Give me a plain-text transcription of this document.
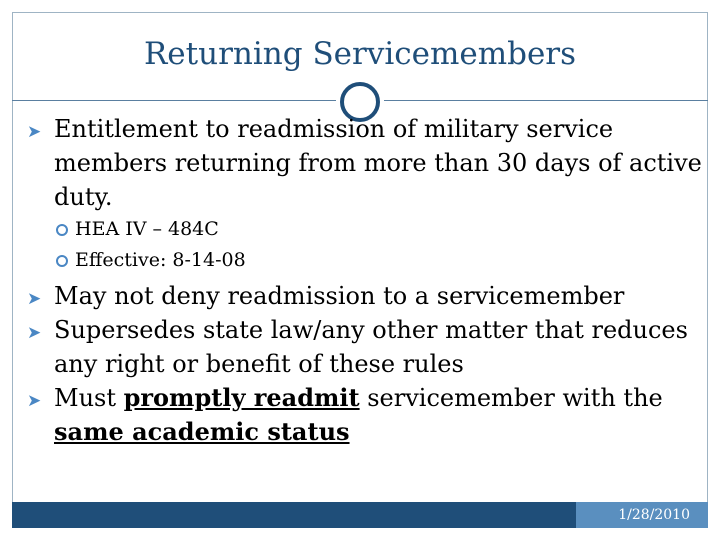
Returning Servicemembers
➤ Entitlement to readmission of military service members returning from more than 30 days of active duty.
HEA IV – 484C
Effective: 8-14-08
➤ May not deny readmission to a servicemember
➤ Supersedes state law/any other matter that reduces any right or benefit of these rules
➤ Must promptly readmit servicemember with the same academic status
1/28/2010
